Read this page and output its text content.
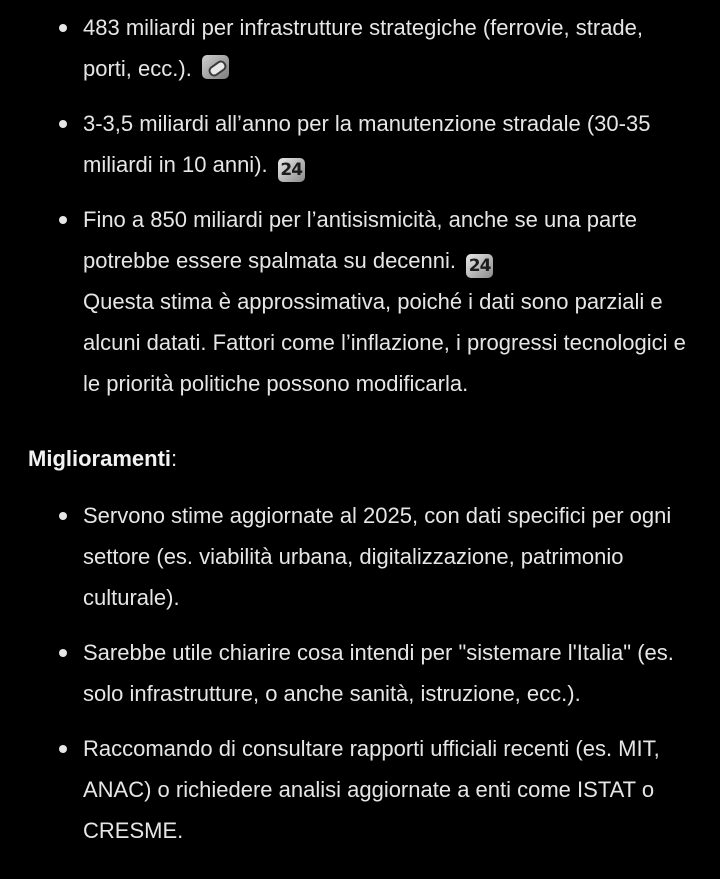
483 miliardi per infrastrutture strategiche (ferrovie, strade, porti, ecc.).
3-3,5 miliardi all’anno per la manutenzione stradale (30-35 miliardi in 10 anni). 24
Fino a 850 miliardi per l’antisismicità, anche se una parte potrebbe essere spalmata su decenni. 24
Questa stima è approssimativa, poiché i dati sono parziali e alcuni datati. Fattori come l’inflazione, i progressi tecnologici e le priorità politiche possono modificarla.
Miglioramenti:
Servono stime aggiornate al 2025, con dati specifici per ogni settore (es. viabilità urbana, digitalizzazione, patrimonio culturale).
Sarebbe utile chiarire cosa intendi per "sistemare l'Italia" (es. solo infrastrutture, o anche sanità, istruzione, ecc.).
Raccomando di consultare rapporti ufficiali recenti (es. MIT, ANAC) o richiedere analisi aggiornate a enti come ISTAT o CRESME.
